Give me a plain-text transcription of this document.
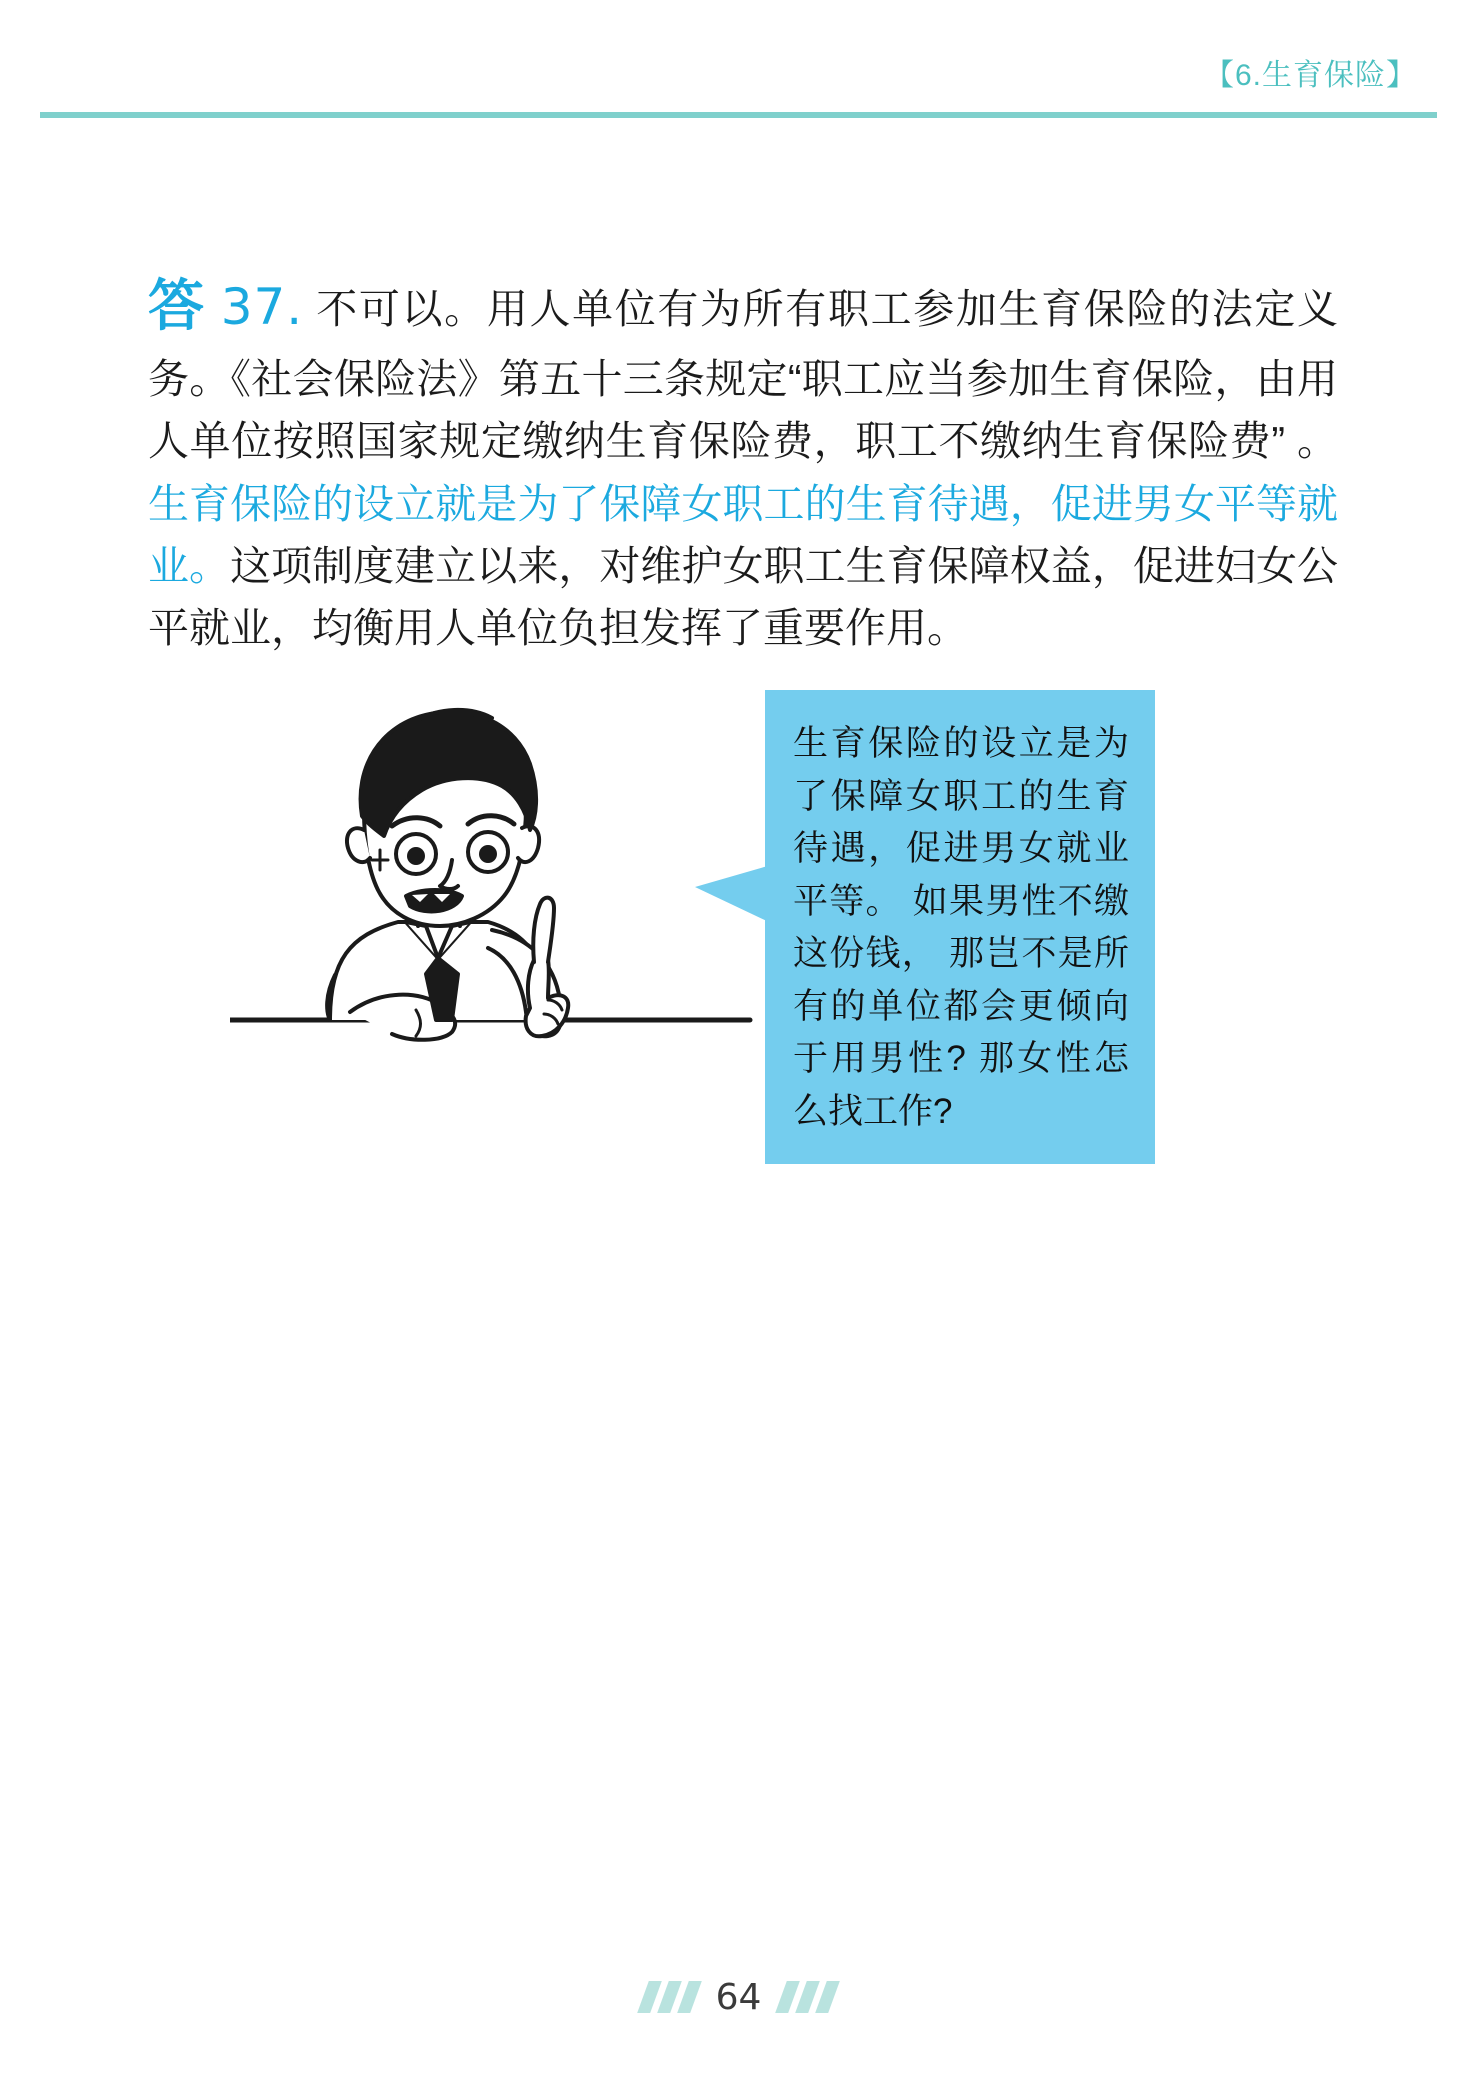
【6.生育保险】

答 37. 不可以。用人单位有为所有职工参加生育保险的法定义务。《社会保险法》第五十三条规定“职工应当参加生育保险，由用人单位按照国家规定缴纳生育保险费，职工不缴纳生育保险费” 。生育保险的设立就是为了保障女职工的生育待遇，促进男女平等就业。这项制度建立以来，对维护女职工生育保障权益，促进妇女公平就业，均衡用人单位负担发挥了重要作用。

生育保险的设立是为了保障女职工的生育待遇，促进男女就业平等。 如果男性不缴这份钱， 那岂不是所有的单位都会更倾向于用男性? 那女性怎么找工作?
64
